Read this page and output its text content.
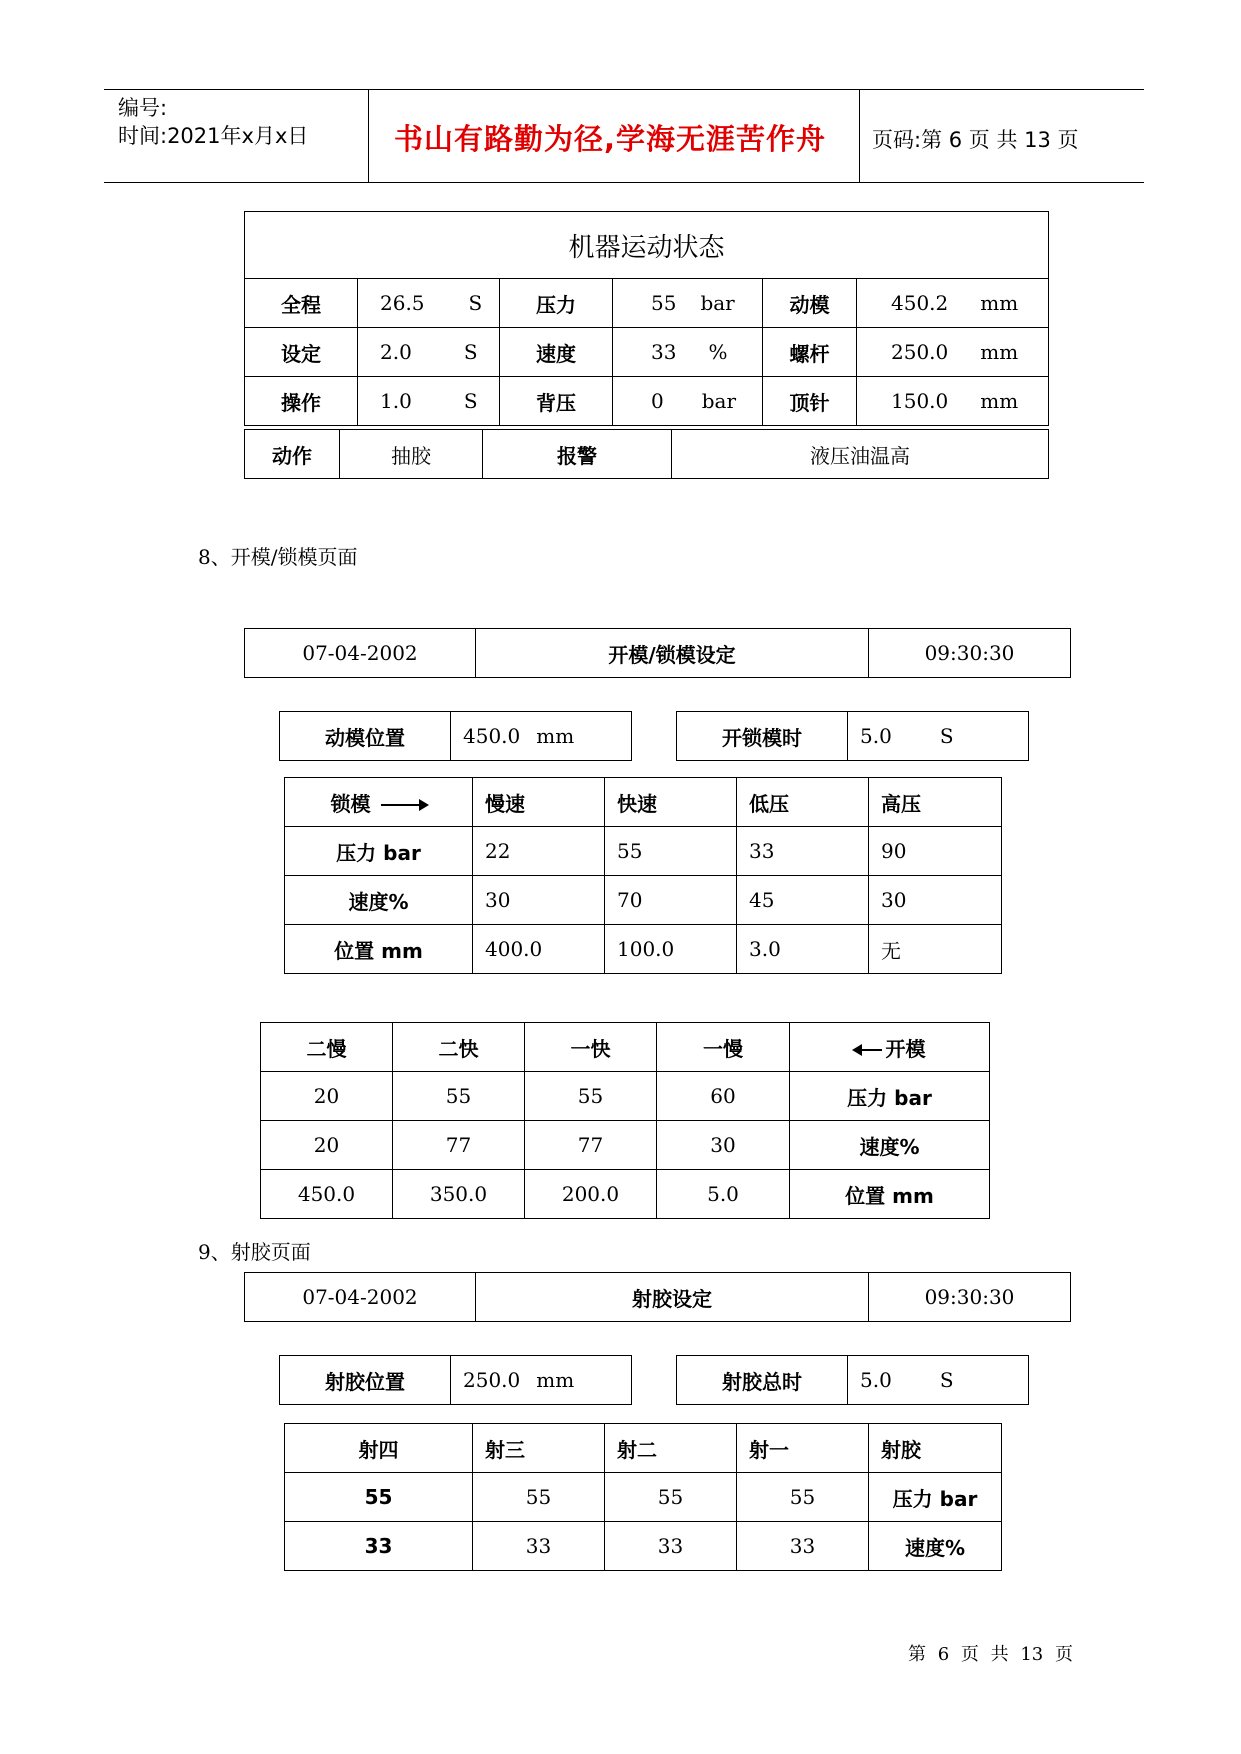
编号:
时间:2021年x月x日	书山有路勤为径,学海无涯苦作舟 页码:第 6 页 共 13 页
机器运动状态					
全程	26.5 S	压力	55 bar	动模	450.2 mm
设定	2.0 S	速度	33 %	螺杆	250.0 mm
操作	1.0 S	背压	0 bar	顶针	150.0 mm
动作	抽胶	报警	液压油温高
8、开模/锁模页面
07-04-2002	开模/锁模设定	09:30:30
动模位置	450.0 mm	开锁模时	5.0 S
锁模	慢速	快速	低压	高压
压力 bar	22	55	33	90
速度%	30	70	45	30
位置 mm	400.0	100.0	3.0	无
二慢	二快	一快	一慢	开模
20	55	55	60	压力 bar
20	77	77	30	速度%
450.0	350.0	200.0	5.0	位置 mm
9、射胶页面
07-04-2002	射胶设定	09:30:30
射胶位置	250.0 mm	射胶总时	5.0 S
射四	射三	射二	射一	射胶
55	55	55	55	压力 bar
33	33	33	33	速度%
第 6 页 共 13 页
